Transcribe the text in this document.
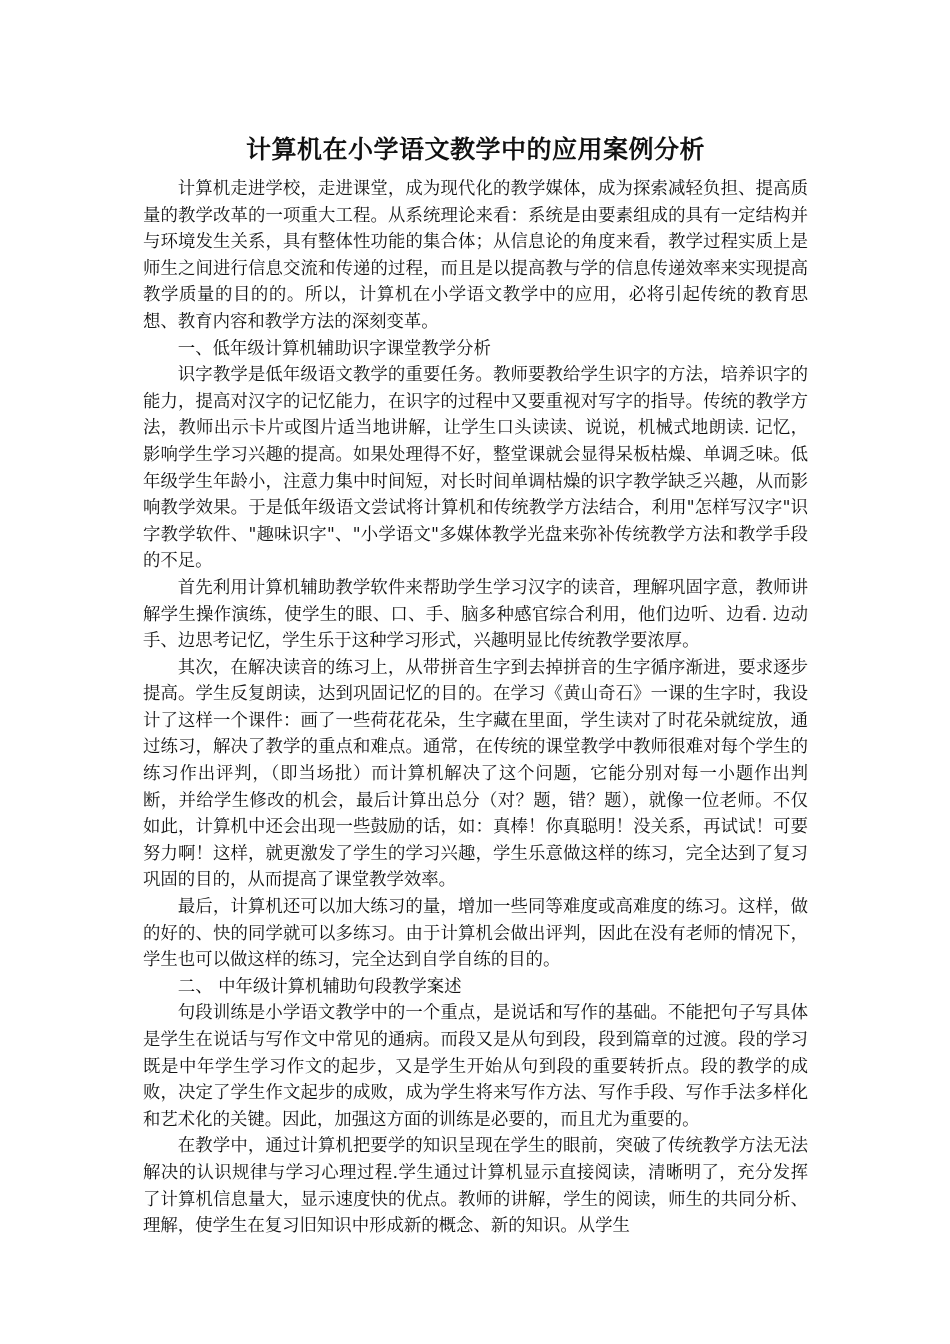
计算机在小学语文教学中的应用案例分析

计算机走进学校，走进课堂，成为现代化的教学媒体，成为探索减轻负担、提高质量的教学改革的一项重大工程。从系统理论来看：系统是由要素组成的具有一定结构并与环境发生关系，具有整体性功能的集合体；从信息论的角度来看，教学过程实质上是师生之间进行信息交流和传递的过程，而且是以提高教与学的信息传递效率来实现提高教学质量的目的的。所以，计算机在小学语文教学中的应用，必将引起传统的教育思想、教育内容和教学方法的深刻变革。

一、低年级计算机辅助识字课堂教学分析

识字教学是低年级语文教学的重要任务。教师要教给学生识字的方法，培养识字的能力，提高对汉字的记忆能力，在识字的过程中又要重视对写字的指导。传统的教学方法，教师出示卡片或图片适当地讲解，让学生口头读读、说说，机械式地朗读. 记忆，影响学生学习兴趣的提高。如果处理得不好，整堂课就会显得呆板枯燥、单调乏味。低年级学生年龄小，注意力集中时间短，对长时间单调枯燥的识字教学缺乏兴趣，从而影响教学效果。于是低年级语文尝试将计算机和传统教学方法结合，利用"怎样写汉字"识字教学软件、"趣味识字"、"小学语文"多媒体教学光盘来弥补传统教学方法和教学手段的不足。

首先利用计算机辅助教学软件来帮助学生学习汉字的读音，理解巩固字意，教师讲解学生操作演练，使学生的眼、口、手、脑多种感官综合利用，他们边听、边看. 边动手、边思考记忆，学生乐于这种学习形式，兴趣明显比传统教学要浓厚。

其次，在解决读音的练习上，从带拼音生字到去掉拼音的生字循序渐进，要求逐步提高。学生反复朗读，达到巩固记忆的目的。在学习《黄山奇石》一课的生字时，我设计了这样一个课件：画了一些荷花花朵，生字藏在里面，学生读对了时花朵就绽放，通过练习，解决了教学的重点和难点。通常，在传统的课堂教学中教师很难对每个学生的练习作出评判，（即当场批）而计算机解决了这个问题，它能分别对每一小题作出判断，并给学生修改的机会，最后计算出总分（对？题，错？题），就像一位老师。不仅如此，计算机中还会出现一些鼓励的话，如：真棒！你真聪明！没关系，再试试！可要努力啊！这样，就更激发了学生的学习兴趣，学生乐意做这样的练习，完全达到了复习巩固的目的，从而提高了课堂教学效率。

最后，计算机还可以加大练习的量，增加一些同等难度或高难度的练习。这样，做的好的、快的同学就可以多练习。由于计算机会做出评判，因此在没有老师的情况下，学生也可以做这样的练习，完全达到自学自练的目的。

二、 中年级计算机辅助句段教学案述

句段训练是小学语文教学中的一个重点，是说话和写作的基础。不能把句子写具体是学生在说话与写作文中常见的通病。而段又是从句到段，段到篇章的过渡。段的学习既是中年学生学习作文的起步，又是学生开始从句到段的重要转折点。段的教学的成败，决定了学生作文起步的成败，成为学生将来写作方法、写作手段、写作手法多样化和艺术化的关键。因此，加强这方面的训练是必要的，而且尤为重要的。

在教学中，通过计算机把要学的知识呈现在学生的眼前，突破了传统教学方法无法解决的认识规律与学习心理过程.学生通过计算机显示直接阅读，清晰明了，充分发挥了计算机信息量大，显示速度快的优点。教师的讲解，学生的阅读，师生的共同分析、理解，使学生在复习旧知识中形成新的概念、新的知识。从学生
